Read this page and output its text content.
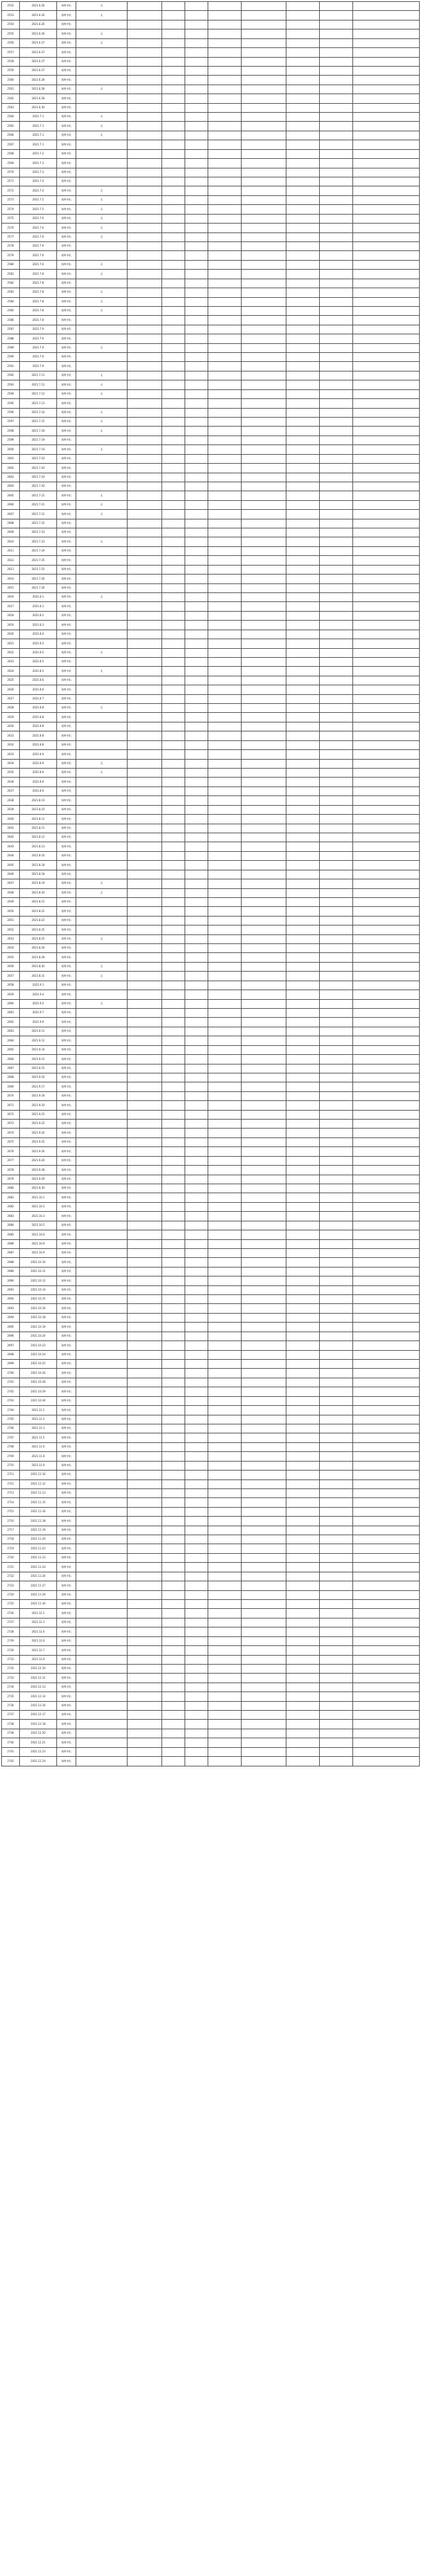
2552	2021.6.26	刑所中队	无								
2553	2021.6.26	刑所中队	无								
2554	2021.6.26	刑所中队									
2555	2021.6.26	刑所中队	无								
2556	2021.6.27	刑所中队	无								
2557	2021.6.27	刑所中队									
2558	2021.6.27	刑所中队									
2559	2021.6.27	刑所中队									
2560	2021.6.28	刑所中队									
2561	2021.6.28	刑所中队	无								
2562	2021.6.28	刑所中队									
2563	2021.6.30	刑所中队									
2564	2021.7.1	刑所中队	无								
2565	2021.7.1	刑所中队	无								
2566	2021.7.1	刑所中队	无								
2567	2021.7.1	刑所中队									
2568	2021.7.2	刑所中队									
2569	2021.7.3	刑所中队									
2570	2021.7.3	刑所中队									
2571	2021.7.4	刑所中队									
2572	2021.7.4	刑所中队	无								
2573	2021.7.5	刑所中队	无								
2574	2021.7.5	刑所中队	无								
2575	2021.7.6	刑所中队	无								
2576	2021.7.6	刑所中队	无								
2577	2021.7.6	刑所中队	无								
2578	2021.7.6	刑所中队									
2579	2021.7.6	刑所中队									
2580	2021.7.6	刑所中队	无								
2581	2021.7.8	刑所中队	无								
2582	2021.7.8	刑所中队									
2583	2021.7.8	刑所中队	无								
2584	2021.7.8	刑所中队	无								
2585	2021.7.8	刑所中队	无								
2586	2021.7.8	刑所中队									
2587	2021.7.9	刑所中队									
2588	2021.7.9	刑所中队									
2589	2021.7.9	刑所中队	无								
2590	2021.7.9	刑所中队									
2591	2021.7.9	刑所中队									
2592	2021.7.11	刑所中队	无								
2593	2021.7.12	刑所中队	无								
2594	2021.7.12	刑所中队	无								
2595	2021.7.13	刑所中队									
2596	2021.7.14	刑所中队	无								
2597	2021.7.15	刑所中队	无								
2598	2021.7.18	刑所中队	无								
2599	2021.7.19	刑所中队									
2600	2021.7.19	刑所中队	无								
2601	2021.7.20	刑所中队									
2602	2021.7.20	刑所中队									
2603	2021.7.20	刑所中队									
2604	2021.7.20	刑所中队									
2605	2021.7.21	刑所中队	无								
2606	2021.7.21	刑所中队	无								
2607	2021.7.21	刑所中队	无								
2608	2021.7.22	刑所中队									
2609	2021.7.23	刑所中队									
2610	2021.7.23	刑所中队	无								
2611	2021.7.24	刑所中队									
2612	2021.7.25	刑所中队									
2613	2021.7.25	刑所中队									
2614	2021.7.26	刑所中队									
2615	2021.7.26	刑所中队									
2616	2021.8.1	刑所中队	无								
2617	2021.8.1	刑所中队									
2618	2021.8.2	刑所中队									
2619	2021.8.3	刑所中队									
2620	2021.8.4	刑所中队									
2621	2021.8.5	刑所中队									
2622	2021.8.5	刑所中队	无								
2623	2021.8.5	刑所中队									
2624	2021.8.5	刑所中队	无								
2625	2021.8.6	刑所中队									
2626	2021.8.6	刑所中队									
2627	2021.8.7	刑所中队									
2628	2021.8.8	刑所中队	无								
2629	2021.8.8	刑所中队									
2630	2021.8.8	刑所中队									
2631	2021.8.8	刑所中队									
2632	2021.8.8	刑所中队									
2633	2021.8.9	刑所中队									
2634	2021.8.9	刑所中队	无								
2635	2021.8.9	刑所中队	无								
2636	2021.8.9	刑所中队									
2637	2021.8.9	刑所中队									
2638	2021.8.10	刑所中队									
2639	2021.8.10	刑所中队									
2640	2021.8.11	刑所中队									
2641	2021.8.11	刑所中队									
2642	2021.8.12	刑所中队									
2643	2021.8.13	刑所中队									
2644	2021.8.16	刑所中队									
2645	2021.8.18	刑所中队									
2646	2021.8.18	刑所中队									
2647	2021.8.19	刑所中队	无								
2648	2021.8.20	刑所中队	无								
2649	2021.8.21	刑所中队									
2650	2021.8.22	刑所中队									
2651	2021.8.22	刑所中队									
2652	2021.8.25	刑所中队									
2653	2021.8.25	刑所中队	无								
2654	2021.8.26	刑所中队									
2655	2021.8.28	刑所中队									
2656	2021.8.30	刑所中队	无								
2657	2021.8.31	刑所中队	无								
2658	2021.9.1	刑所中队									
2659	2021.9.4	刑所中队									
2660	2021.9.5	刑所中队	无								
2661	2021.9.7	刑所中队									
2662	2021.9.9	刑所中队									
2663	2021.9.11	刑所中队									
2664	2021.9.12	刑所中队									
2665	2021.9.14	刑所中队									
2666	2021.9.15	刑所中队									
2667	2021.9.15	刑所中队									
2668	2021.9.16	刑所中队									
2669	2021.9.17	刑所中队									
2670	2021.9.18	刑所中队									
2671	2021.9.20	刑所中队									
2672	2021.9.21	刑所中队									
2673	2021.9.22	刑所中队									
2674	2021.9.24	刑所中队									
2675	2021.9.25	刑所中队									
2676	2021.9.26	刑所中队									
2677	2021.9.26	刑所中队									
2678	2021.9.28	刑所中队									
2679	2021.9.29	刑所中队									
2680	2021.9.30	刑所中队									
2681	2021.10.1	刑所中队									
2682	2021.10.2	刑所中队									
2683	2021.10.3	刑所中队									
2684	2021.10.5	刑所中队									
2685	2021.10.6	刑所中队									
2686	2021.10.8	刑所中队									
2687	2021.10.9	刑所中队									
2688	2021.10.10	刑所中队									
2689	2021.10.11	刑所中队									
2690	2021.10.12	刑所中队									
2691	2021.10.14	刑所中队									
2692	2021.10.15	刑所中队									
2693	2021.10.16	刑所中队									
2694	2021.10.18	刑所中队									
2695	2021.10.19	刑所中队									
2696	2021.10.20	刑所中队									
2697	2021.10.22	刑所中队									
2698	2021.10.24	刑所中队									
2699	2021.10.25	刑所中队									
2700	2021.10.26	刑所中队									
2701	2021.10.28	刑所中队									
2702	2021.10.29	刑所中队									
2703	2021.10.30	刑所中队									
2704	2021.11.1	刑所中队									
2705	2021.11.2	刑所中队									
2706	2021.11.3	刑所中队									
2707	2021.11.5	刑所中队									
2708	2021.11.6	刑所中队									
2709	2021.11.8	刑所中队									
2710	2021.11.9	刑所中队									
2711	2021.11.10	刑所中队									
2712	2021.11.12	刑所中队									
2713	2021.11.13	刑所中队									
2714	2021.11.15	刑所中队									
2715	2021.11.16	刑所中队									
2716	2021.11.18	刑所中队									
2717	2021.11.19	刑所中队									
2718	2021.11.20	刑所中队									
2719	2021.11.22	刑所中队									
2720	2021.11.23	刑所中队									
2721	2021.11.24	刑所中队									
2722	2021.11.26	刑所中队									
2723	2021.11.27	刑所中队									
2724	2021.11.29	刑所中队									
2725	2021.11.30	刑所中队									
2726	2021.12.1	刑所中队									
2727	2021.12.3	刑所中队									
2728	2021.12.4	刑所中队									
2729	2021.12.6	刑所中队									
2730	2021.12.7	刑所中队									
2731	2021.12.9	刑所中队									
2732	2021.12.10	刑所中队									
2733	2021.12.11	刑所中队									
2734	2021.12.13	刑所中队									
2735	2021.12.14	刑所中队									
2736	2021.12.16	刑所中队									
2737	2021.12.17	刑所中队									
2738	2021.12.18	刑所中队									
2739	2021.12.20	刑所中队									
2740	2021.12.21	刑所中队									
2741	2021.12.23	刑所中队									
2742	2021.12.24	刑所中队									
